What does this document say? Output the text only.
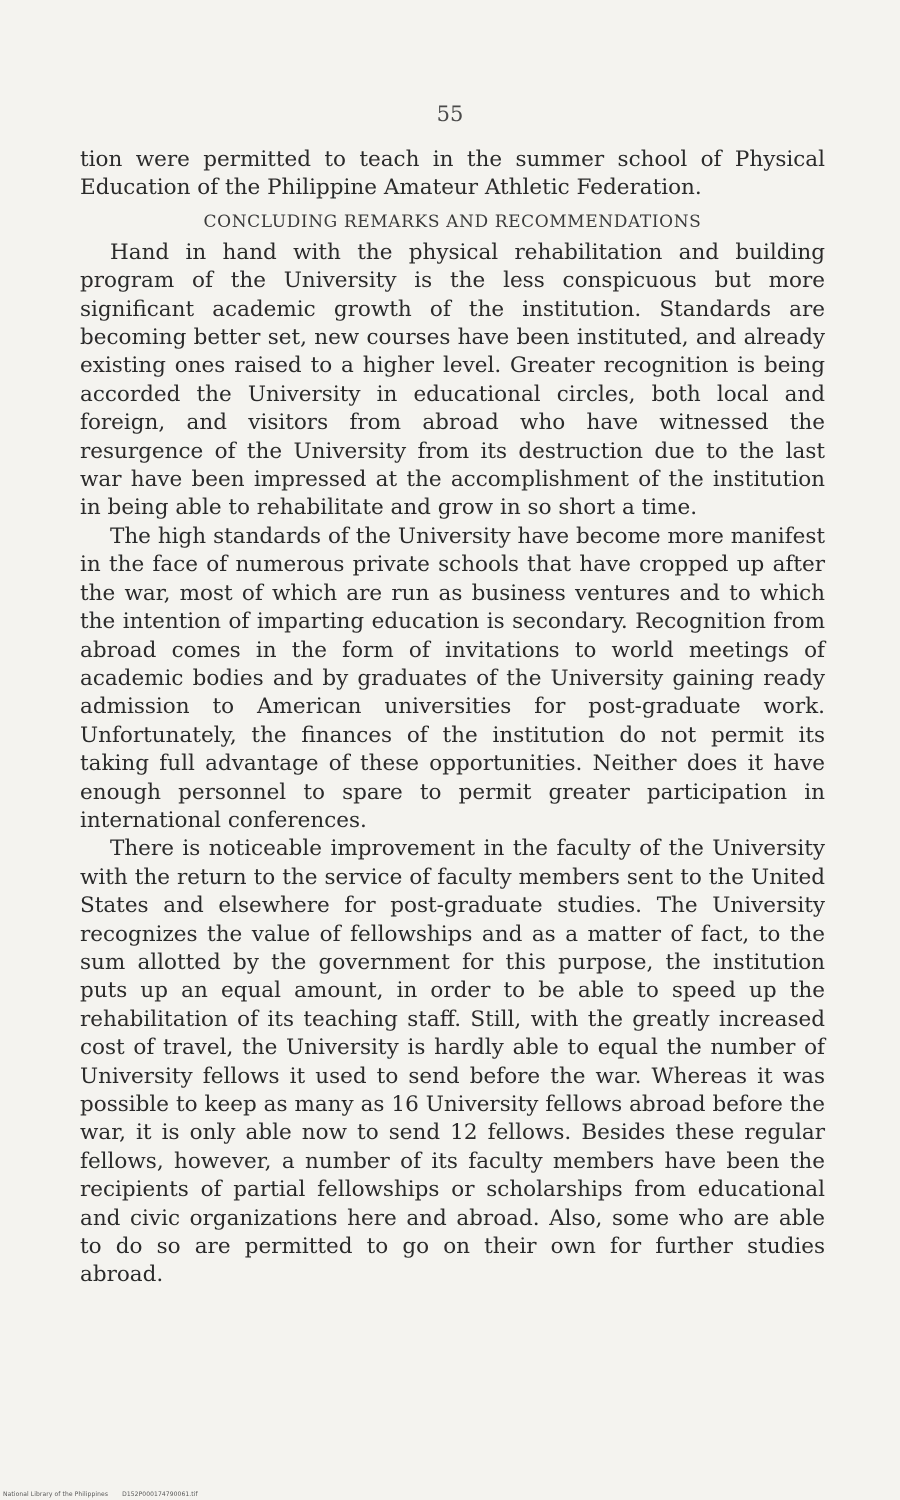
55

tion were permitted to teach in the summer school of Physical Education of the Philippine Amateur Athletic Federation.

CONCLUDING REMARKS AND RECOMMENDATIONS

Hand in hand with the physical rehabilitation and building program of the University is the less conspicuous but more significant academic growth of the institution. Standards are becoming better set, new courses have been instituted, and already existing ones raised to a higher level. Greater recognition is being accorded the University in educational circles, both local and foreign, and visitors from abroad who have witnessed the resurgence of the University from its destruction due to the last war have been impressed at the accomplishment of the institution in being able to rehabilitate and grow in so short a time.

The high standards of the University have become more manifest in the face of numerous private schools that have cropped up after the war, most of which are run as business ventures and to which the intention of imparting education is secondary. Recognition from abroad comes in the form of invitations to world meetings of academic bodies and by graduates of the University gaining ready admission to American universities for post-graduate work. Unfortunately, the finances of the institution do not permit its taking full advantage of these opportunities. Neither does it have enough personnel to spare to permit greater participation in international conferences.

There is noticeable improvement in the faculty of the University with the return to the service of faculty members sent to the United States and elsewhere for post-graduate studies. The University recognizes the value of fellowships and as a matter of fact, to the sum allotted by the government for this purpose, the institution puts up an equal amount, in order to be able to speed up the rehabilitation of its teaching staff. Still, with the greatly increased cost of travel, the University is hardly able to equal the number of University fellows it used to send before the war. Whereas it was possible to keep as many as 16 University fellows abroad before the war, it is only able now to send 12 fellows. Besides these regular fellows, however, a number of its faculty members have been the recipients of partial fellowships or scholarships from educational and civic organizations here and abroad. Also, some who are able to do so are permitted to go on their own for further studies abroad.

National Library of the Philippines D152P000174790061.tif
